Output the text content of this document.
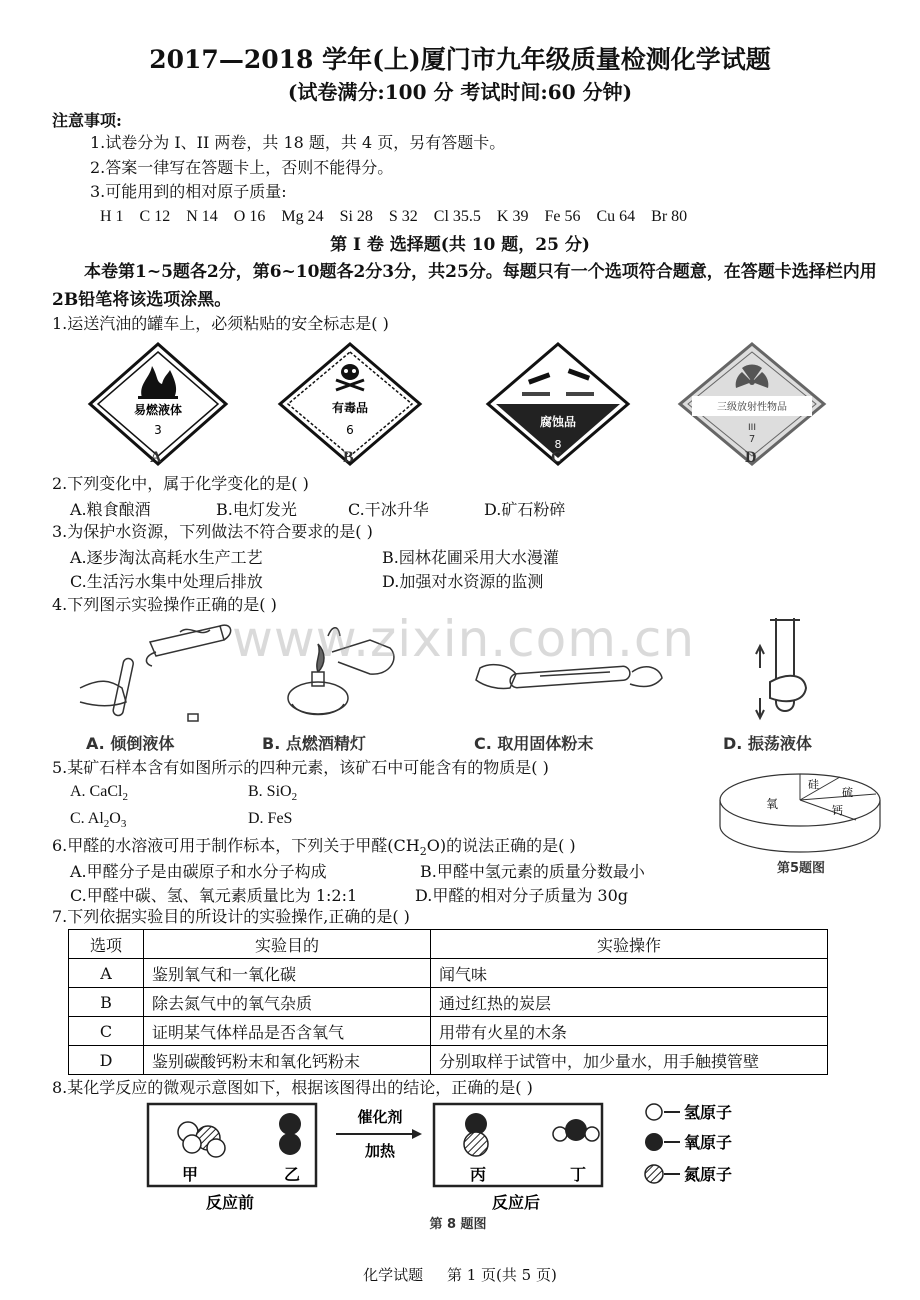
2017—2018 学年(上)厦门市九年级质量检测化学试题
(试卷满分:100 分 考试时间:60 分钟)
注意事项:
1.试卷分为 I、II 两卷，共 18 题，共 4 页，另有答题卡。
2.答案一律写在答题卡上，否则不能得分。
3.可能用到的相对原子质量:
H 1    C 12    N 14    O 16    Mg 24    Si 28    S 32    Cl 35.5    K 39    Fe 56    Cu 64    Br 80
第 I 卷 选择题(共 10 题，25 分)
本卷第1~5题各2分，第6~10题各2分3分，共25分。每题只有一个选项符合题意，在答题卡选择栏内用2B铅笔将该选项涂黑。
1.运送汽油的罐车上，必须粘贴的安全标志是( )
易燃液体
3
有毒品
6
腐蚀品
8
三级放射性物品
III
7
A	B	C	D
2.下列变化中，属于化学变化的是( )
A.粮食酿酒	B.电灯发光	C.干冰升华	D.矿石粉碎
3.为保护水资源，下列做法不符合要求的是( )
A.逐步淘汰高耗水生产工艺	B.园林花圃采用大水漫灌
C.生活污水集中处理后排放	D.加强对水资源的监测
4.下列图示实验操作正确的是( )
www.zixin.com.cn
A. 倾倒液体	B. 点燃酒精灯	C. 取用固体粉末	D. 振荡液体
5.某矿石样本含有如图所示的四种元素，该矿石中可能含有的物质是( )
A. CaCl$_2$	B. SiO$_2$
C. $Al_2O_3$	D. FeS
氧
硅
硫
钙
第5题图
6.甲醛的水溶液可用于制作标本，下列关于甲醛$(CH_2O)$的说法正确的是( )
A.甲醛分子是由碳原子和水分子构成	B.甲醛中氢元素的质量分数最小
C.甲醛中碳、氢、氧元素质量比为 1:2:1	D.甲醛的相对分子质量为 30g
7.下列依据实验目的所设计的实验操作,正确的是( )
选项	实验目的	实验操作
A	鉴别氧气和一氧化碳	闻气味
B	除去氮气中的氧气杂质	通过红热的炭层
C	证明某气体样品是否含氧气	用带有火星的木条
D	鉴别碳酸钙粉末和氧化钙粉末	分别取样于试管中，加少量水，用手触摸管壁
8.某化学反应的微观示意图如下，根据该图得出的结论，正确的是( )
甲	乙
反应前
催化剂
加热
丙	丁
反应后
氢原子
氧原子
氮原子
第 8 题图
化学试题     第 1 页(共 5 页)
